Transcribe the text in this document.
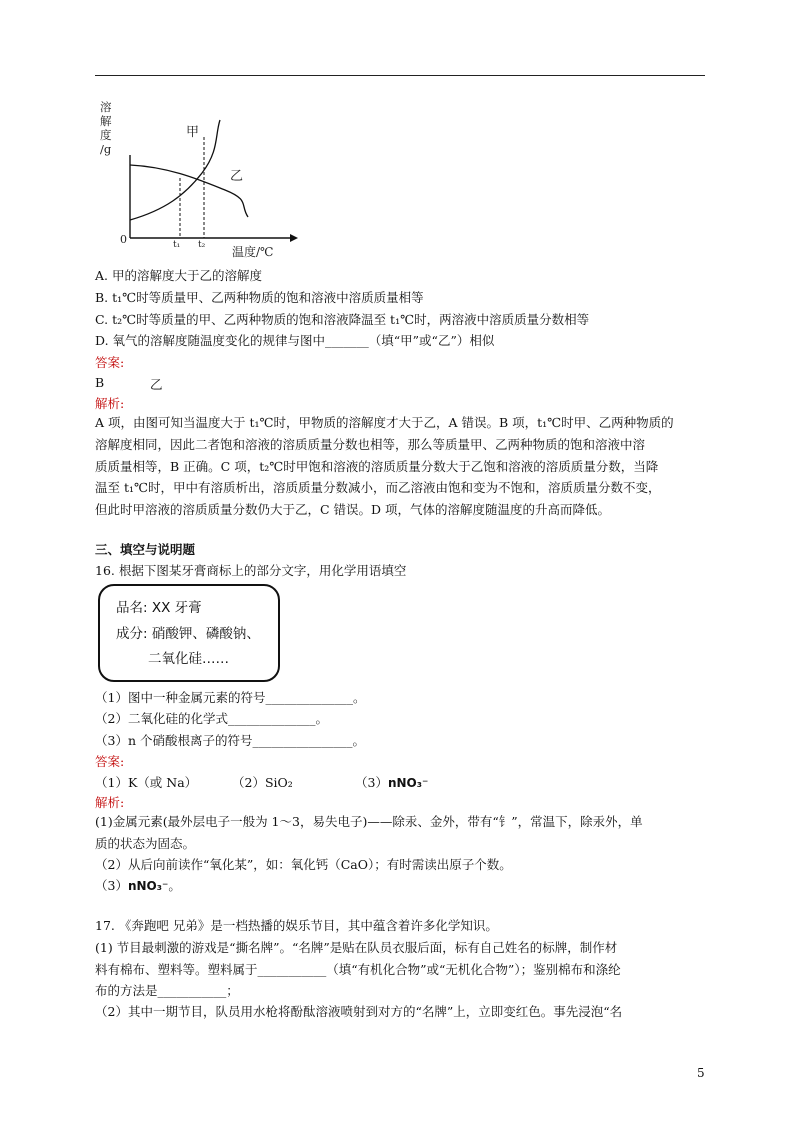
溶
解
度
/g
0
甲
乙
t₁ t₂ 温度/℃
A. 甲的溶解度大于乙的溶解度
B. t₁℃时等质量甲、乙两种物质的饱和溶液中溶质质量相等
C. t₂℃时等质量的甲、乙两种物质的饱和溶液降温至 t₁℃时，两溶液中溶质质量分数相等
D. 氧气的溶解度随温度变化的规律与图中_______（填“甲”或“乙”）相似
答案:
B	乙
解析:
A 项，由图可知当温度大于 t₁℃时，甲物质的溶解度才大于乙，A 错误。B 项，t₁℃时甲、乙两种物质的
溶解度相同，因此二者饱和溶液的溶质质量分数也相等，那么等质量甲、乙两种物质的饱和溶液中溶
质质量相等，B 正确。C 项，t₂℃时甲饱和溶液的溶质质量分数大于乙饱和溶液的溶质质量分数，当降
温至 t₁℃时，甲中有溶质析出，溶质质量分数减小，而乙溶液由饱和变为不饱和，溶质质量分数不变，
但此时甲溶液的溶质质量分数仍大于乙，C 错误。D 项，气体的溶解度随温度的升高而降低。
三、填空与说明题
16. 根据下图某牙膏商标上的部分文字，用化学用语填空
品名: XX 牙膏
成分: 硝酸钾、磷酸钠、
二氧化硅……
（1）图中一种金属元素的符号______________。
（2）二氧化硅的化学式______________。
（3）n 个硝酸根离子的符号________________。
答案:
（1）K（或 Na）	（2）SiO₂	（3）nNO₃⁻
解析:
(1)金属元素(最外层电子一般为 1～3，易失电子)——除汞、金外，带有“钅”，常温下，除汞外，单
质的状态为固态。
（2）从后向前读作“氧化某”，如：氧化钙（CaO）；有时需读出原子个数。
（3）nNO₃⁻。
17. 《奔跑吧 兄弟》是一档热播的娱乐节目，其中蕴含着许多化学知识。
(1) 节目最刺激的游戏是“撕名牌”。“名牌”是贴在队员衣服后面，标有自己姓名的标牌，制作材
料有棉布、塑料等。塑料属于___________（填“有机化合物”或“无机化合物”）；鉴别棉布和涤纶
布的方法是___________；
（2）其中一期节目，队员用水枪将酚酞溶液喷射到对方的“名牌”上，立即变红色。事先浸泡“名
5
